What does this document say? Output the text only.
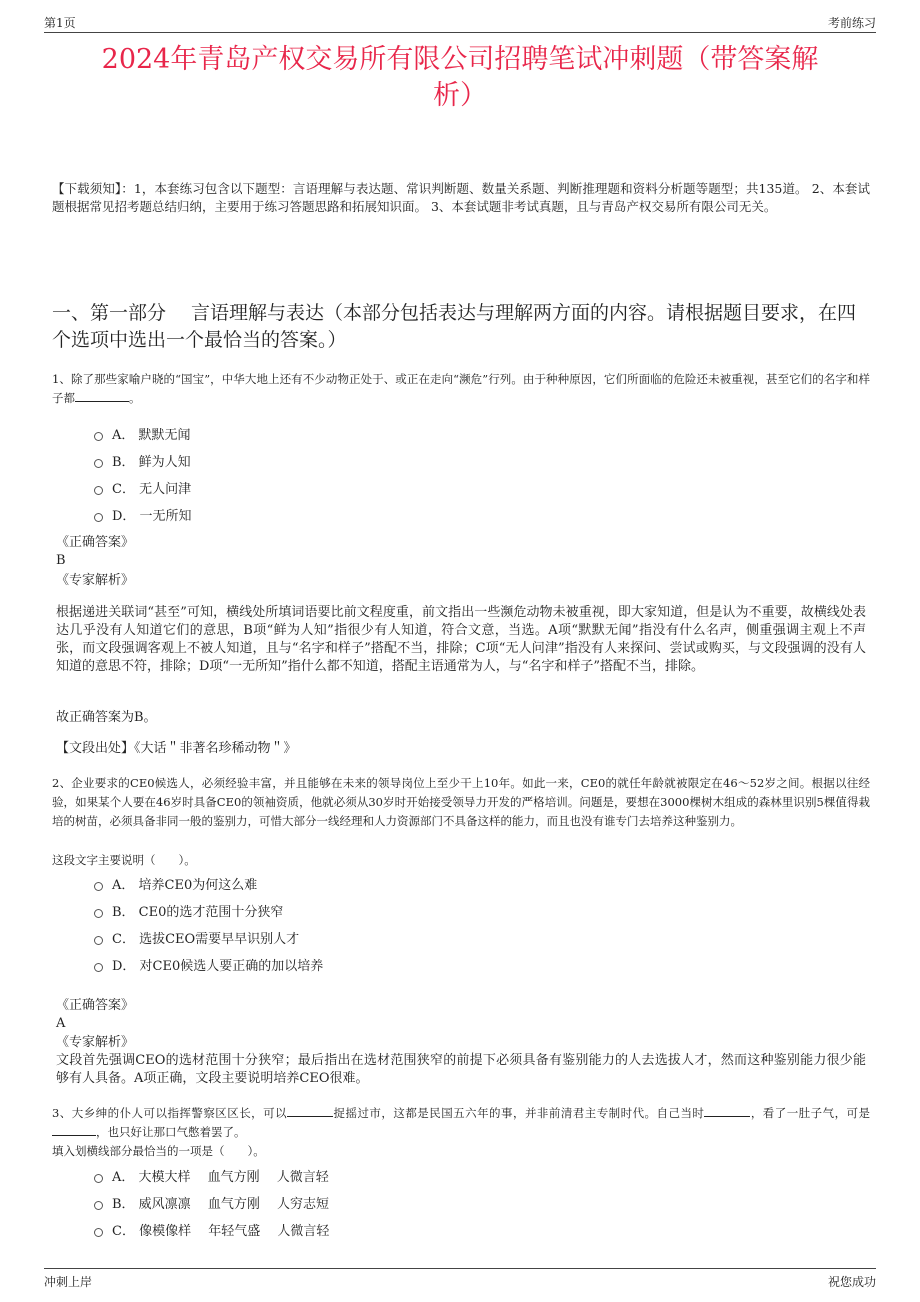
第1页	考前练习
2024年青岛产权交易所有限公司招聘笔试冲刺题（带答案解
析）
【下载须知】：1，本套练习包含以下题型：言语理解与表达题、常识判断题、数量关系题、判断推理题和资料分析题等题型；共135道。 2、本套试题根据常见招考题总结归纳，主要用于练习答题思路和拓展知识面。 3、本套试题非考试真题，且与青岛产权交易所有限公司无关。
一、第一部分　 言语理解与表达（本部分包括表达与理解两方面的内容。请根据题目要求，在四个选项中选出一个最恰当的答案。）
1、除了那些家喻户晓的“国宝”，中华大地上还有不少动物正处于、或正在走向“濒危”行列。由于种种原因，它们所面临的危险还未被重视，甚至它们的名字和样子都	。
A． 默默无闻
B． 鲜为人知
C． 无人问津
D． 一无所知
《正确答案》
B
《专家解析》
根据递进关联词“甚至”可知，横线处所填词语要比前文程度重，前文指出一些濒危动物未被重视，即大家知道，但是认为不重要，故横线处表达几乎没有人知道它们的意思，B项“鲜为人知”指很少有人知道，符合文意，当选。A项“默默无闻”指没有什么名声，侧重强调主观上不声张，而文段强调客观上不被人知道，且与“名字和样子”搭配不当，排除；C项“无人问津”指没有人来探问、尝试或购买，与文段强调的没有人知道的意思不符，排除；D项“一无所知”指什么都不知道，搭配主语通常为人，与“名字和样子”搭配不当，排除。
故正确答案为B。
【文段出处】《大话＂非著名珍稀动物＂》
2、企业要求的CE0候选人，必须经验丰富，并且能够在未来的领导岗位上至少干上10年。如此一来，CE0的就任年龄就被限定在46～52岁之间。根据以往经验，如果某个人要在46岁时具备CE0的领袖资质，他就必须从30岁时开始接受领导力开发的严格培训。问题是，要想在3000棵树木组成的森林里识别5棵值得栽培的树苗，必须具备非同一般的鉴别力，可惜大部分一线经理和人力资源部门不具备这样的能力，而且也没有谁专门去培养这种鉴别力。
这段文字主要说明（　　）。
A． 培养CE0为何这么难
B． CE0的选才范围十分狭窄
C． 选拔CEO需要早早识别人才
D． 对CE0候选人要正确的加以培养
《正确答案》
A
《专家解析》
文段首先强调CEO的选材范围十分狭窄；最后指出在选材范围狭窄的前提下必须具备有鉴别能力的人去选拔人才，然而这种鉴别能力很少能够有人具备。A项正确，文段主要说明培养CEO很难。
3、大乡绅的仆人可以指挥警察区区长，可以	捉摇过市，这都是民国五六年的事，并非前清君主专制时代。自己当时	，看了一肚子气，可是，也只好让那口气憋着罢了。
填入划横线部分最恰当的一项是（　　）。
A． 大模大样　 血气方刚　 人微言轻
B． 威风凛凛　 血气方刚　 人穷志短
C． 像模像样　 年轻气盛　 人微言轻
冲刺上岸	祝您成功
